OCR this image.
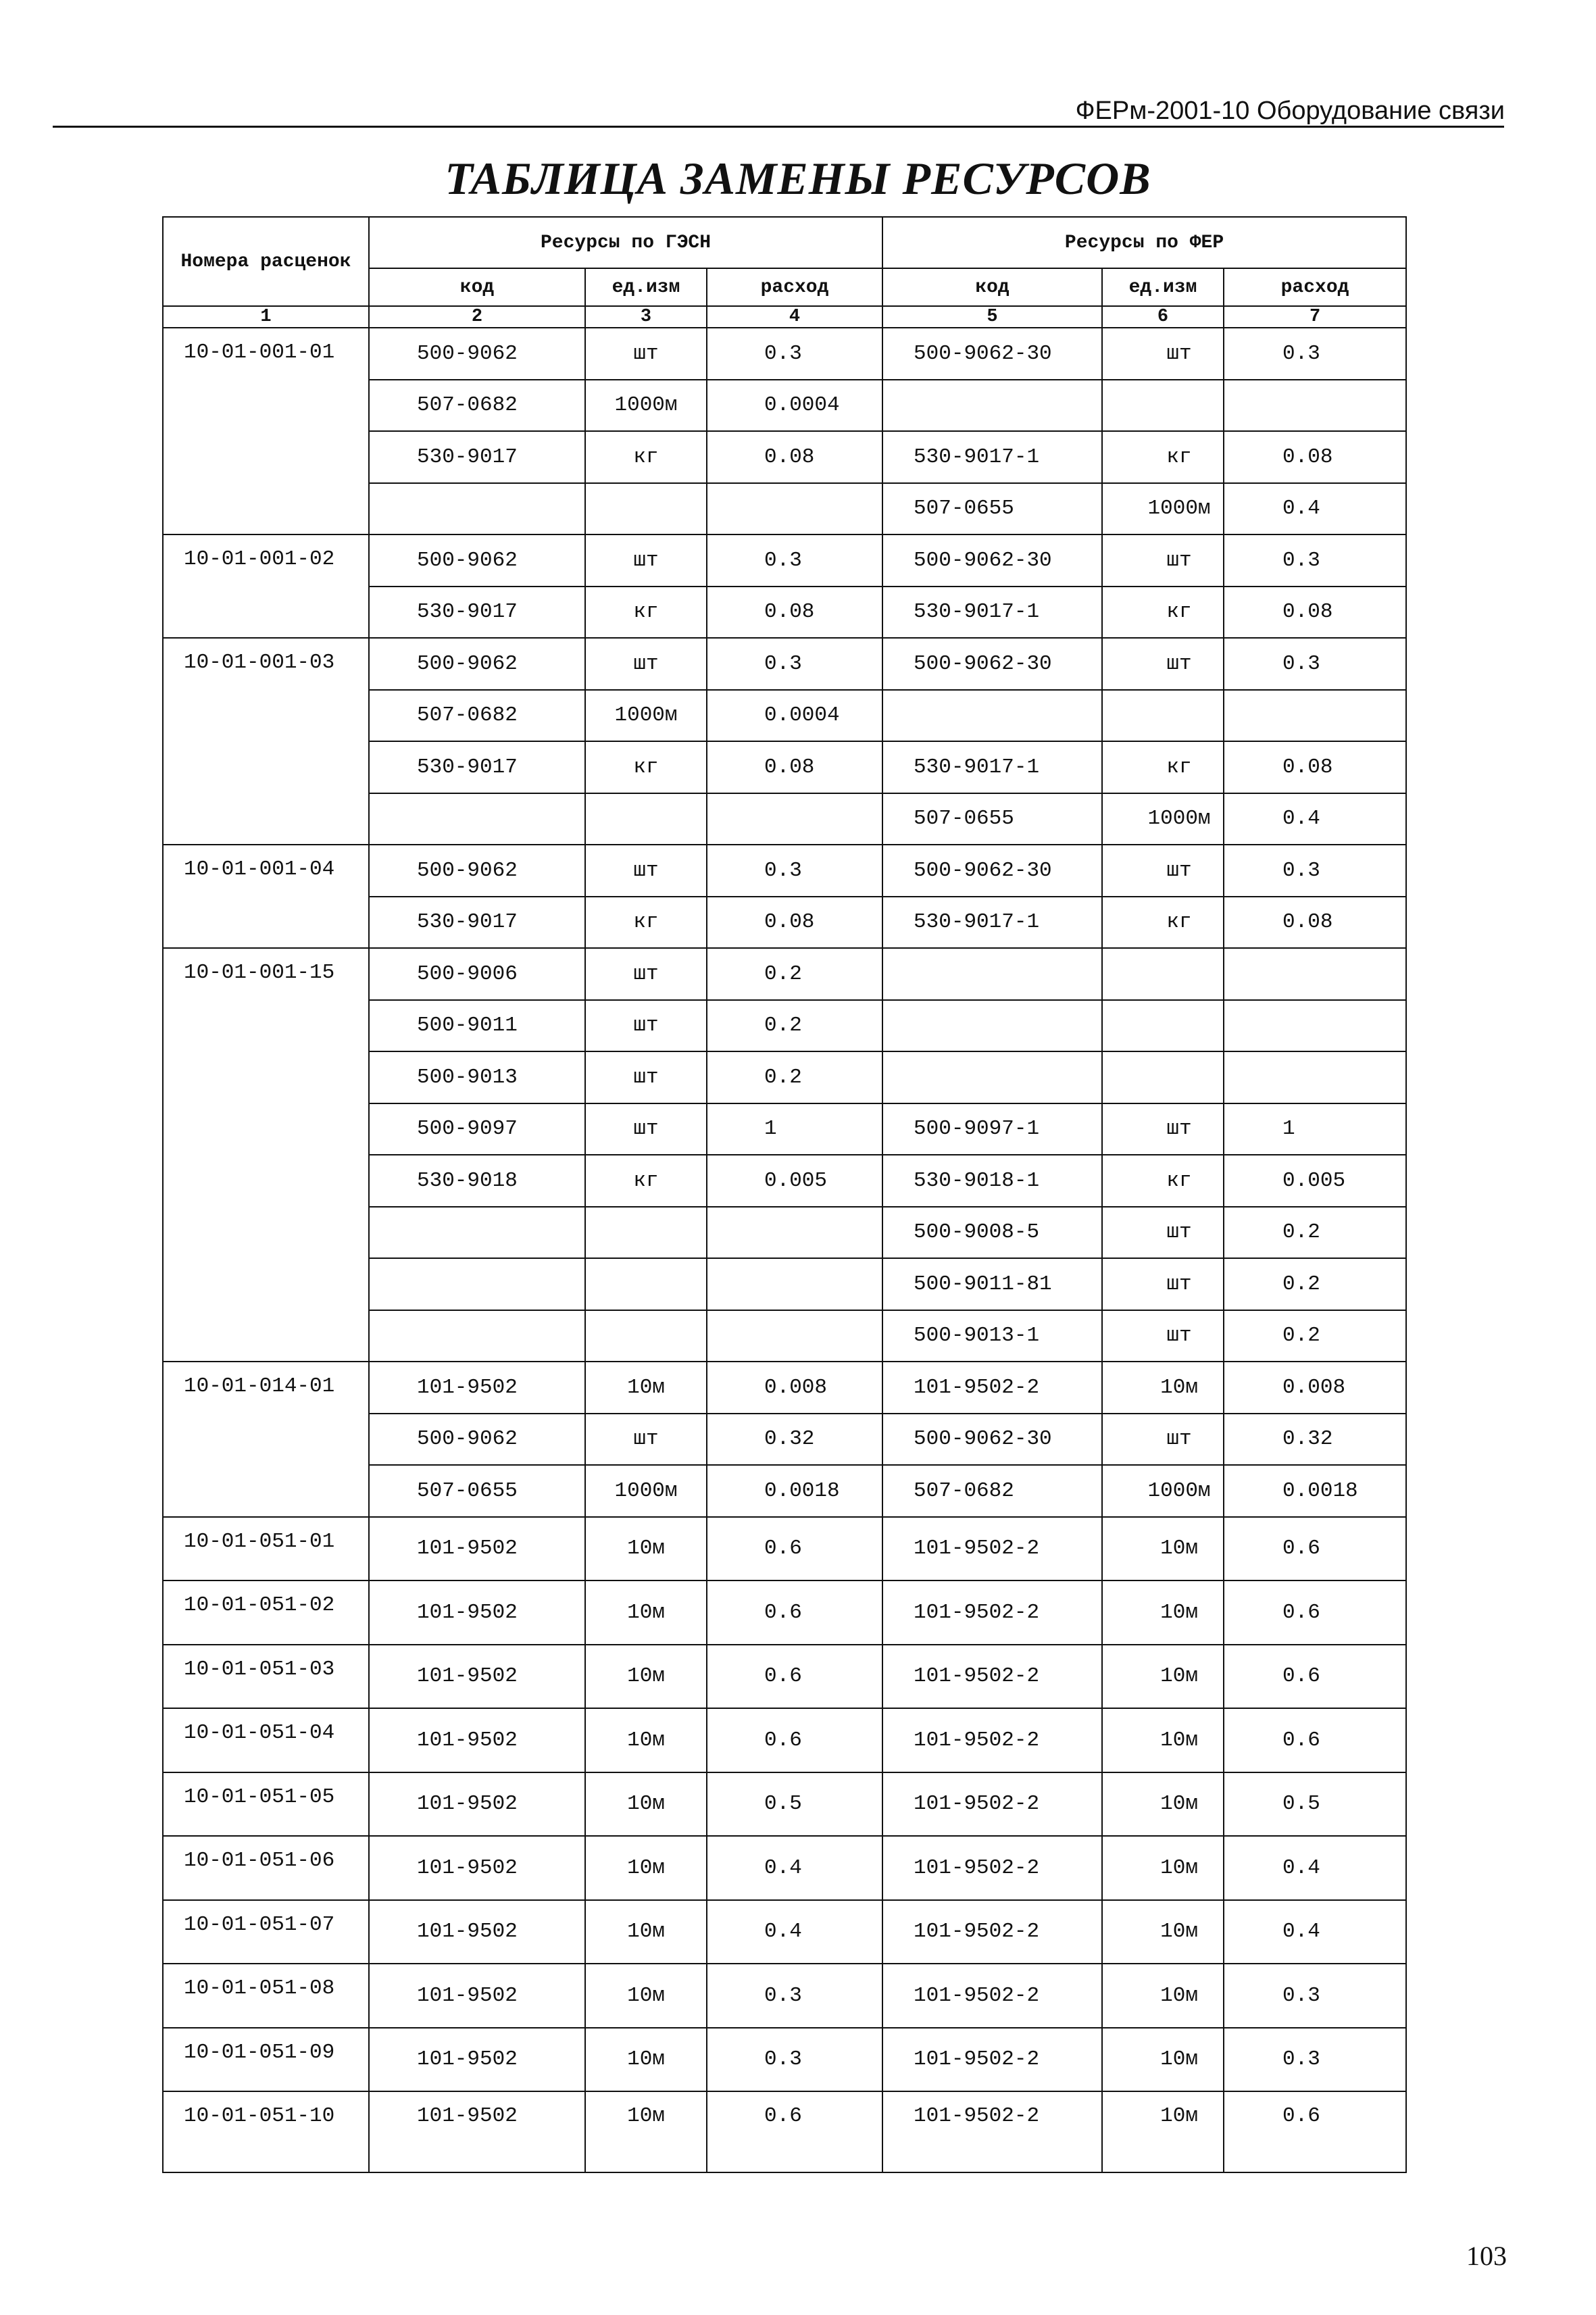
ФЕРм-2001-10 Оборудование связи
ТАБЛИЦА ЗАМЕНЫ РЕСУРСОВ
Номера расценок	Ресурсы по ГЭСН			Ресурсы по ФЕР		
	код	ед.изм	расход	код	ед.изм	расход
1	2	3	4	5	6	7
10-01-001-01	500-9062	шт	0.3	500-9062-30	шт	0.3
	507-0682	1000м	0.0004			
	530-9017	кг	0.08	530-9017-1	кг	0.08
				507-0655	1000м	0.4
10-01-001-02	500-9062	шт	0.3	500-9062-30	шт	0.3
	530-9017	кг	0.08	530-9017-1	кг	0.08
10-01-001-03	500-9062	шт	0.3	500-9062-30	шт	0.3
	507-0682	1000м	0.0004			
	530-9017	кг	0.08	530-9017-1	кг	0.08
				507-0655	1000м	0.4
10-01-001-04	500-9062	шт	0.3	500-9062-30	шт	0.3
	530-9017	кг	0.08	530-9017-1	кг	0.08
10-01-001-15	500-9006	шт	0.2			
	500-9011	шт	0.2			
	500-9013	шт	0.2			
	500-9097	шт	1	500-9097-1	шт	1
	530-9018	кг	0.005	530-9018-1	кг	0.005
				500-9008-5	шт	0.2
				500-9011-81	шт	0.2
				500-9013-1	шт	0.2
10-01-014-01	101-9502	10м	0.008	101-9502-2	10м	0.008
	500-9062	шт	0.32	500-9062-30	шт	0.32
	507-0655	1000м	0.0018	507-0682	1000м	0.0018
10-01-051-01	101-9502	10м	0.6	101-9502-2	10м	0.6
10-01-051-02	101-9502	10м	0.6	101-9502-2	10м	0.6
10-01-051-03	101-9502	10м	0.6	101-9502-2	10м	0.6
10-01-051-04	101-9502	10м	0.6	101-9502-2	10м	0.6
10-01-051-05	101-9502	10м	0.5	101-9502-2	10м	0.5
10-01-051-06	101-9502	10м	0.4	101-9502-2	10м	0.4
10-01-051-07	101-9502	10м	0.4	101-9502-2	10м	0.4
10-01-051-08	101-9502	10м	0.3	101-9502-2	10м	0.3
10-01-051-09	101-9502	10м	0.3	101-9502-2	10м	0.3
10-01-051-10	101-9502	10м	0.6	101-9502-2	10м	0.6
103
